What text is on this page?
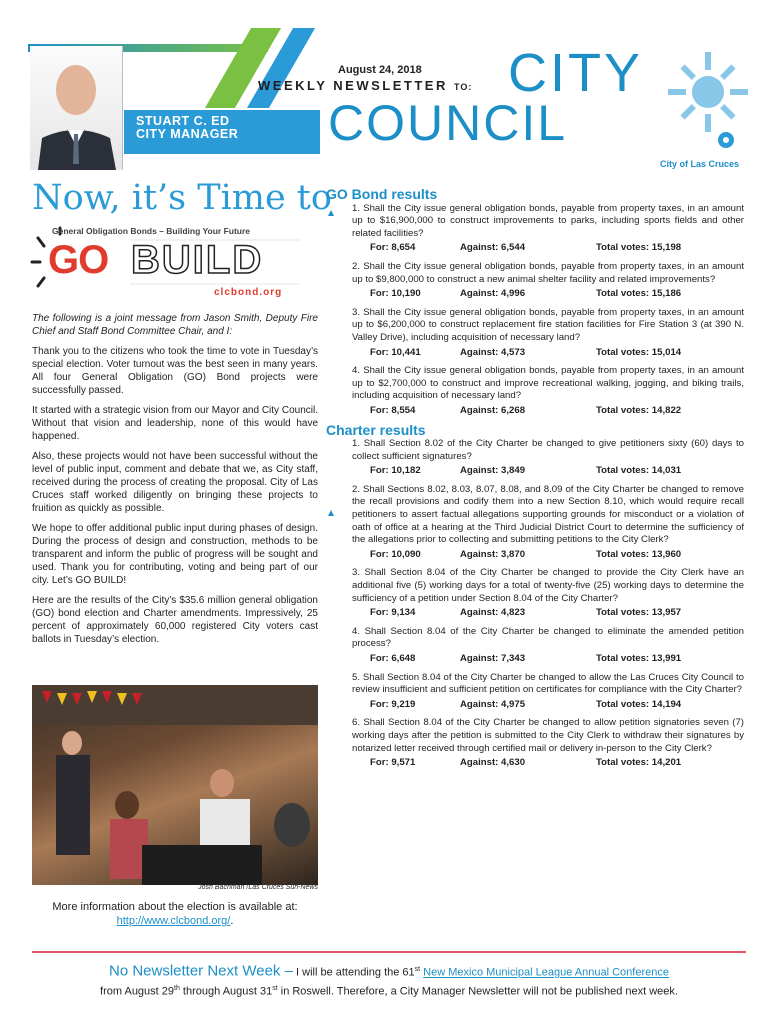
STUART C. ED
CITY MANAGER
August 24, 2018
WEEKLY NEWSLETTER TO: CITY
COUNCIL
City of Las Cruces
Now, it’s Time to
General Obligation Bonds – Building Your Future
GO BUILD
clcbond.org

The following is a joint message from Jason Smith, Deputy Fire Chief and Staff Bond Committee Chair, and I:

Thank you to the citizens who took the time to vote in Tuesday’s special election. Voter turnout was the best seen in many years. All four General Obligation (GO) Bond projects were successfully passed.

It started with a strategic vision from our Mayor and City Council. Without that vision and leadership, none of this would have happened.

Also, these projects would not have been successful without the level of public input, comment and debate that we, as City staff, received during the process of creating the proposal. City of Las Cruces staff worked diligently on bringing these projects to fruition as quickly as possible.

We hope to offer additional public input during phases of design. During the process of design and construction, methods to be transparent and inform the public of progress will be sought and used. Thank you for contributing, voting and being part of our city. Let’s GO BUILD!

Here are the results of the City’s $35.6 million general obligation (GO) bond election and Charter amendments. Impressively, 25 percent of approximately 60,000 registered City voters cast ballots in Tuesday’s election.

Josh Bachman /Las Cruces Sun-News
More information about the election is available at: http://www.clcbond.org/.
GO Bond results
1. Shall the City issue general obligation bonds, payable from property taxes, in an amount up to $16,900,000 to construct improvements to parks, including sports fields and other related facilities?
For: 8,654	Against: 6,544	Total votes: 15,198
2. Shall the City issue general obligation bonds, payable from property taxes, in an amount up to $9,800,000 to construct a new animal shelter facility and related improvements?
For: 10,190	Against: 4,996	Total votes: 15,186
3. Shall the City issue general obligation bonds, payable from property taxes, in an amount up to $6,200,000 to construct replacement fire station facilities for Fire Station 3 (at 390 N. Valley Drive), including acquisition of necessary land?
For: 10,441	Against: 4,573	Total votes: 15,014
4. Shall the City issue general obligation bonds, payable from property taxes, in an amount up to $2,700,000 to construct and improve recreational walking, jogging, and biking trails, including acquisition of necessary land?
For: 8,554	Against: 6,268	Total votes: 14,822
Charter results
1. Shall Section 8.02 of the City Charter be changed to give petitioners sixty (60) days to collect sufficient signatures?
For: 10,182	Against: 3,849	Total votes: 14,031
2. Shall Sections 8.02, 8.03, 8.07, 8.08, and 8.09 of the City Charter be changed to remove the recall provisions and codify them into a new Section 8.10, which would require recall petitioners to assert factual allegations supporting grounds for misconduct or a violation of oath of office at a hearing at the Third Judicial District Court to determine the sufficiency of the allegations prior to collecting and submitting petitions to the City Clerk?
For: 10,090	Against: 3,870	Total votes: 13,960
3. Shall Section 8.04 of the City Charter be changed to provide the City Clerk have an additional five (5) working days for a total of twenty-five (25) working days to determine the sufficiency of a petition under Section 8.04 of the City Charter?
For: 9,134	Against: 4,823	Total votes: 13,957
4. Shall Section 8.04 of the City Charter be changed to eliminate the amended petition process?
For: 6,648	Against: 7,343	Total votes: 13,991
5. Shall Section 8.04 of the City Charter be changed to allow the Las Cruces City Council to review insufficient and sufficient petition on certificates for compliance with the City Charter?
For: 9,219	Against: 4,975	Total votes: 14,194
6. Shall Section 8.04 of the City Charter be changed to allow petition signatories seven (7) working days after the petition is submitted to the City Clerk to withdraw their signatures by notarized letter received through certified mail or delivery in-person to the City Clerk?
For: 9,571	Against: 4,630	Total votes: 14,201
No Newsletter Next Week – I will be attending the 61st New Mexico Municipal League Annual Conference
from August 29th through August 31st in Roswell. Therefore, a City Manager Newsletter will not be published next week.
